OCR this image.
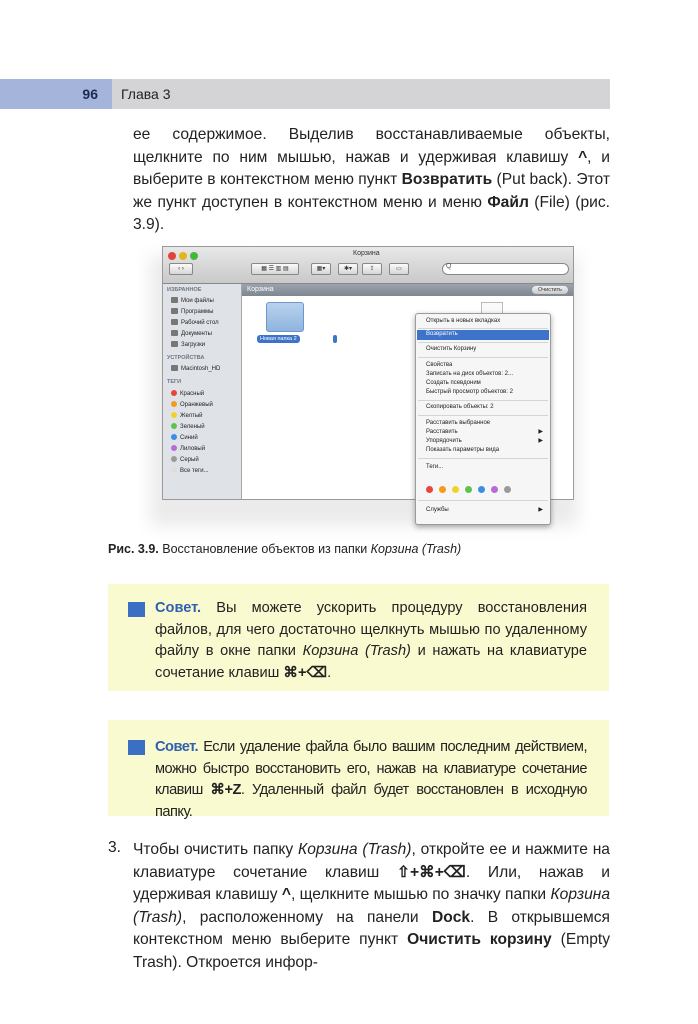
96 Глава 3

ее содержимое. Выделив восстанавливаемые объекты, щелкните по ним мышью, нажав и удерживая клавишу ^, и выберите в контекстном меню пункт Возвратить (Put back). Этот же пункт доступен в контекстном меню и меню Файл (File) (рис. 3.9).

Корзина
‹ ›	▦ ☰ ▥ ▤	▦▾	✱▾	⇪	▭	Q
ИЗБРАННОЕ
Мои файлы
Программы
Рабочий стол
Документы
Загрузки
УСТРОЙСТВА
Macintosh_HD
ТЕГИ
Красный
Оранжевый
Желтый
Зеленый
Синий
Лиловый
Серый
Все теги...
Корзина	Очистить
Новая папка 2
Открыть в новых вкладках
Возвратить
Очистить Корзину
Свойства
Записать на диск объектов: 2...
Создать псевдоним
Быстрый просмотр объектов: 2
Скопировать объекты: 2
Расставить выбранное
Расставить	▶
Упорядочить	▶
Показать параметры вида
Теги...
Службы	▶
Рис. 3.9. Восстановление объектов из папки Корзина (Trash)
Совет. Вы можете ускорить процедуру восстановления файлов, для чего достаточно щелкнуть мышью по удаленному файлу в окне папки Корзина (Trash) и нажать на клавиатуре сочетание клавиш ⌘+⌫.
Совет. Если удаление файла было вашим последним действием, можно быстро восстановить его, нажав на клавиатуре сочетание клавиш ⌘+Z. Удаленный файл будет восстановлен в исходную папку.
3. Чтобы очистить папку Корзина (Trash), откройте ее и нажмите на клавиатуре сочетание клавиш ⇧+⌘+⌫. Или, нажав и удерживая клавишу ^, щелкните мышью по значку папки Корзина (Trash), расположенному на панели Dock. В открывшемся контекстном меню выберите пункт Очистить корзину (Empty Trash). Откроется инфор-
